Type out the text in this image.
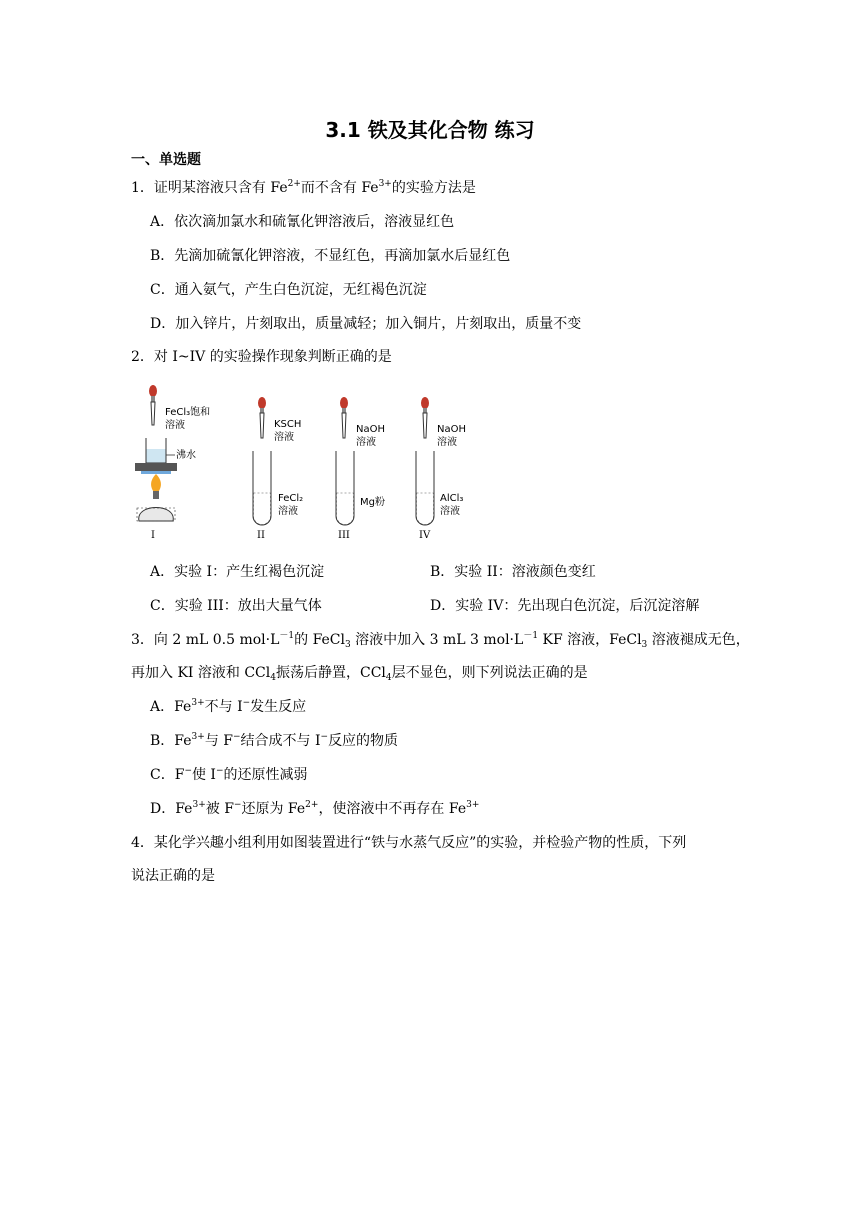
3.1 铁及其化合物 练习
一、单选题
1．证明某溶液只含有 $Fe^{2+}$而不含有 $Fe^{3+}$的实验方法是
A．依次滴加氯水和硫氰化钾溶液后，溶液显红色
B．先滴加硫氰化钾溶液，不显红色，再滴加氯水后显红色
C．通入氨气，产生白色沉淀，无红褐色沉淀
D．加入锌片，片刻取出，质量减轻；加入铜片，片刻取出，质量不变
2．对 I~IV 的实验操作现象判断正确的是
FeCl₃饱和
溶液
沸水
I
KSCH
溶液
FeCl₂
溶液
II
NaOH
溶液
Mg粉
III
NaOH
溶液
AlCl₃
溶液
IV
A．实验 I：产生红褐色沉淀	B．实验 II：溶液颜色变红
C．实验 III：放出大量气体	D．实验 IV：先出现白色沉淀，后沉淀溶解
3．向 2 mL 0.5 $mol\cdot L^{-1}$的 FeCl$_3$ 溶液中加入 3 mL 3 $mol\cdot L^{-1}$ KF 溶液，FeCl$_3$ 溶液褪成无色，
再加入 KI 溶液和 CCl$_4$振荡后静置，CCl$_4$层不显色，则下列说法正确的是
A．$Fe^{3+}$不与 I−发生反应
B．$Fe^{3+}$与 F−结合成不与 I−反应的物质
C．F−使 I−的还原性减弱
D．$Fe^{3+}$被 F−还原为 $Fe^{2+}$，使溶液中不再存在 $Fe^{3+}$
4．某化学兴趣小组利用如图装置进行“铁与水蒸气反应”的实验，并检验产物的性质，下列
说法正确的是
